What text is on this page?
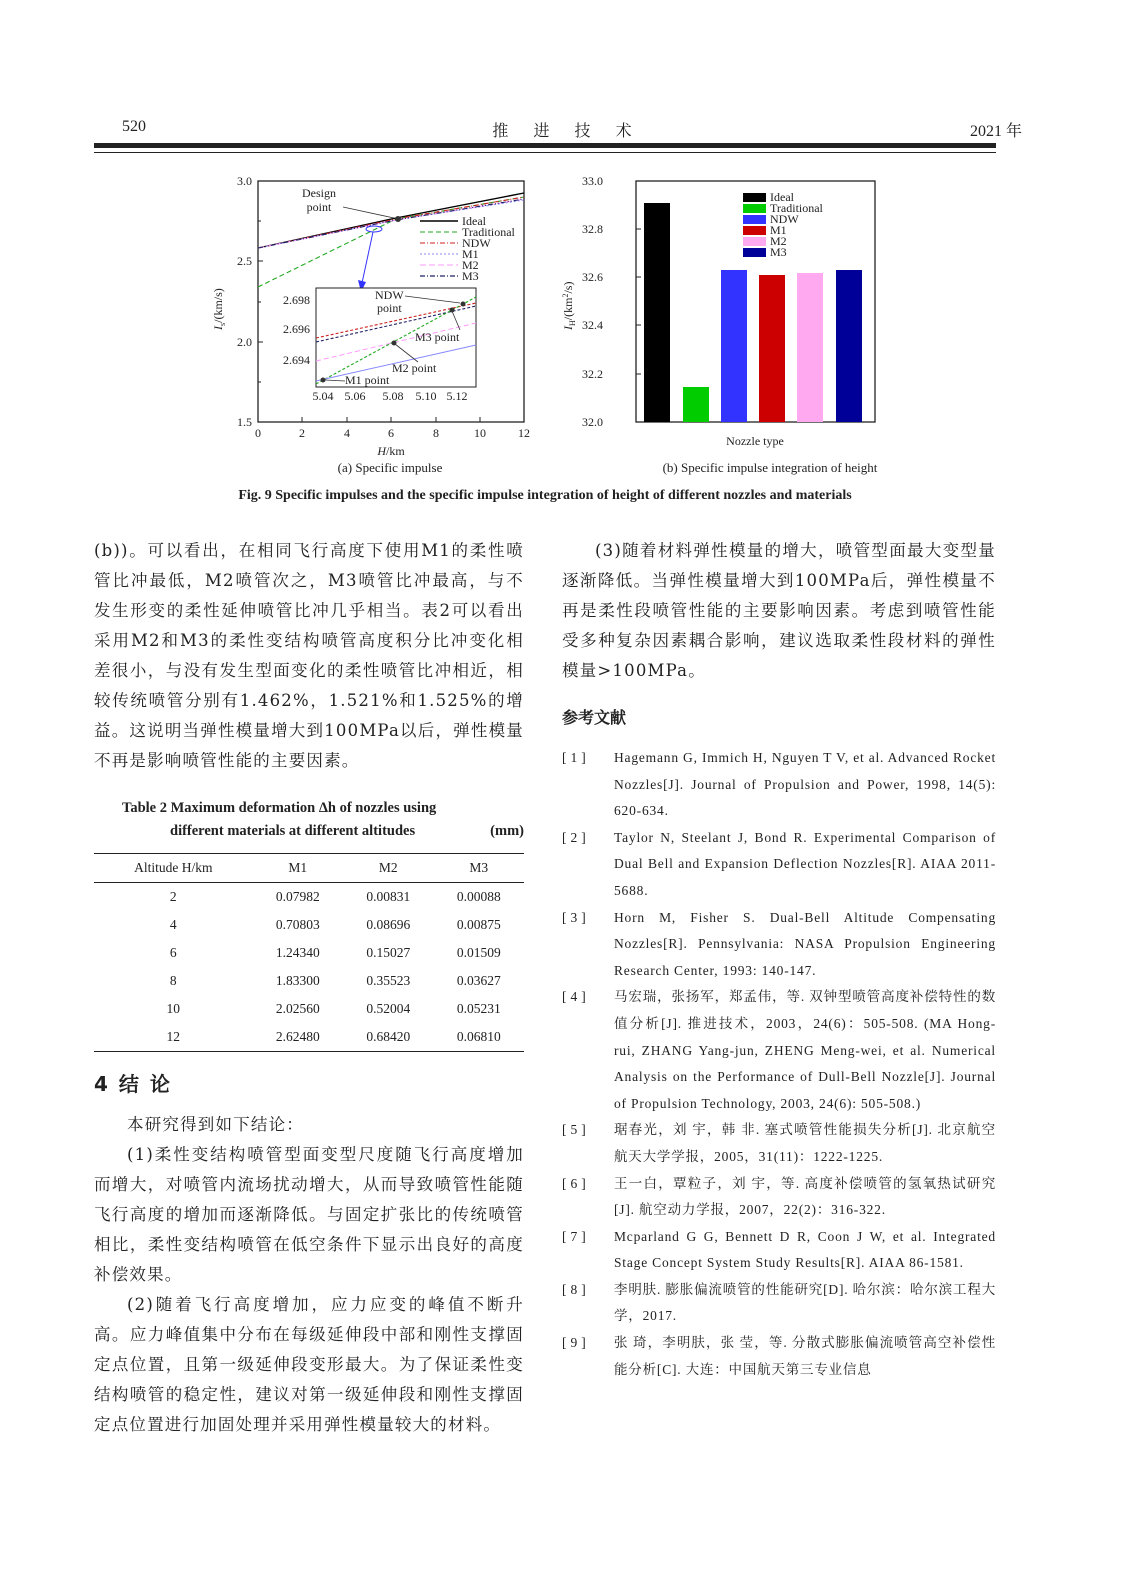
520	推 进 技 术	2021 年
3.0
2.5
2.0
1.5
0	2	4	6	8	10	12
H/km
$I_s/(km/s)$
Design
point
Ideal
Traditional
NDW
M1
M2
M3
2.698
2.696
2.694
5.04 5.06 5.08 5.10 5.12
NDW
point
M3 point
M2 point
M1 point
33.0
32.8
32.6
32.4
32.2
32.0
$I_H/(km^2/s)$
Ideal
Traditional
NDW
M1
M2
M3
Nozzle type
(a) Specific impulse	(b) Specific impulse integration of height
Fig. 9 Specific impulses and the specific impulse integration of height of different nozzles and materials

(b))。可以看出，在相同飞行高度下使用M1的柔性喷管比冲最低，M2喷管次之，M3喷管比冲最高，与不发生形变的柔性延伸喷管比冲几乎相当。表2可以看出采用M2和M3的柔性变结构喷管高度积分比冲变化相差很小，与没有发生型面变化的柔性喷管比冲相近，相较传统喷管分别有1.462%，1.521%和1.525%的增益。这说明当弹性模量增大到100MPa以后，弹性模量不再是影响喷管性能的主要因素。

Table 2 Maximum deformation Δh of nozzles using
different materials at different altitudes	(mm)
Altitude H/km	M1	M2	M3
2	0.07982	0.00831	0.00088
4	0.70803	0.08696	0.00875
6	1.24340	0.15027	0.01509
8	1.83300	0.35523	0.03627
10	2.02560	0.52004	0.05231
12	2.62480	0.68420	0.06810
4 结 论

本研究得到如下结论：

(1)柔性变结构喷管型面变型尺度随飞行高度增加而增大，对喷管内流场扰动增大，从而导致喷管性能随飞行高度的增加而逐渐降低。与固定扩张比的传统喷管相比，柔性变结构喷管在低空条件下显示出良好的高度补偿效果。

(2)随着飞行高度增加，应力应变的峰值不断升高。应力峰值集中分布在每级延伸段中部和刚性支撑固定点位置，且第一级延伸段变形最大。为了保证柔性变结构喷管的稳定性，建议对第一级延伸段和刚性支撑固定点位置进行加固处理并采用弹性模量较大的材料。

(3)随着材料弹性模量的增大，喷管型面最大变型量逐渐降低。当弹性模量增大到100MPa后，弹性模量不再是柔性段喷管性能的主要影响因素。考虑到喷管性能受多种复杂因素耦合影响，建议选取柔性段材料的弹性模量>100MPa。

参考文献
[1]	Hagemann G, Immich H, Nguyen T V, et al. Advanced Rocket Nozzles[J]. Journal of Propulsion and Power, 1998, 14(5): 620-634.
[2]	Taylor N, Steelant J, Bond R. Experimental Comparison of Dual Bell and Expansion Deflection Nozzles[R]. AIAA 2011-5688.
[3]	Horn M, Fisher S. Dual-Bell Altitude Compensating Nozzles[R]. Pennsylvania: NASA Propulsion Engineering Research Center, 1993: 140-147.
[4]	马宏瑞，张扬军，郑孟伟，等. 双钟型喷管高度补偿特性的数值分析[J]. 推进技术，2003，24(6)：505-508. (MA Hong-rui, ZHANG Yang-jun, ZHENG Meng-wei, et al. Numerical Analysis on the Performance of Dull-Bell Nozzle[J]. Journal of Propulsion Technology, 2003, 24(6): 505-508.)
[5]	琚春光，刘 宇，韩 非. 塞式喷管性能损失分析[J]. 北京航空航天大学学报，2005，31(11)：1222-1225.
[6]	王一白，覃粒子，刘 宇，等. 高度补偿喷管的氢氧热试研究[J]. 航空动力学报，2007，22(2)：316-322.
[7]	Mcparland G G, Bennett D R, Coon J W, et al. Integrated Stage Concept System Study Results[R]. AIAA 86-1581.
[8]	李明肤. 膨胀偏流喷管的性能研究[D]. 哈尔滨：哈尔滨工程大学，2017.
[9]	张 琦，李明肤，张 莹，等. 分散式膨胀偏流喷管高空补偿性能分析[C]. 大连：中国航天第三专业信息
